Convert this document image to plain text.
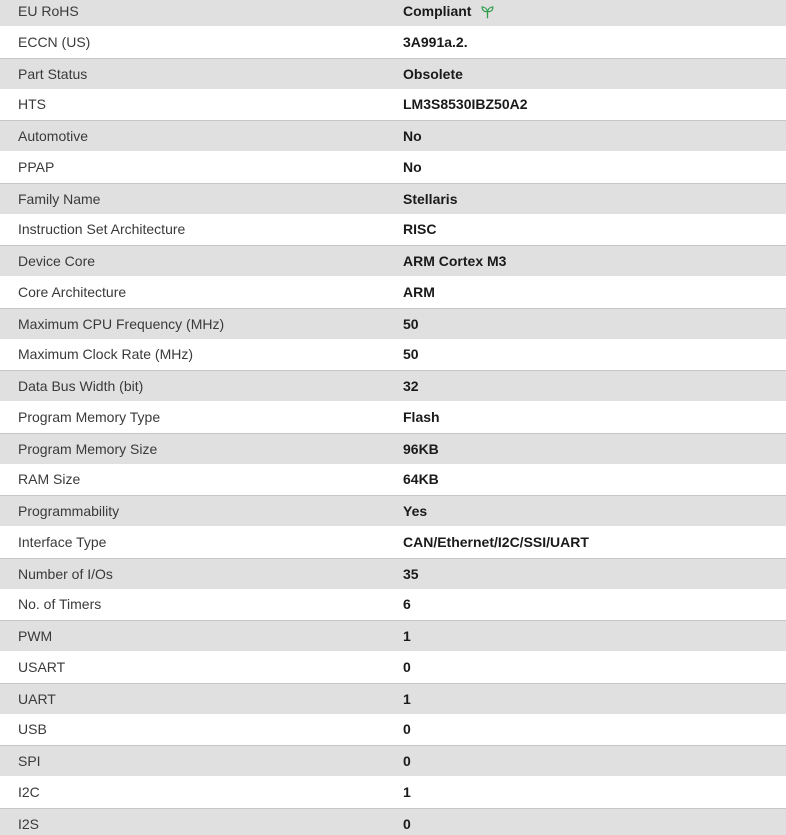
EU RoHS	Compliant
ECCN (US)	3A991a.2.
Part Status	Obsolete
HTS	LM3S8530IBZ50A2
Automotive	No
PPAP	No
Family Name	Stellaris
Instruction Set Architecture	RISC
Device Core	ARM Cortex M3
Core Architecture	ARM
Maximum CPU Frequency (MHz)	50
Maximum Clock Rate (MHz)	50
Data Bus Width (bit)	32
Program Memory Type	Flash
Program Memory Size	96KB
RAM Size	64KB
Programmability	Yes
Interface Type	CAN/Ethernet/I2C/SSI/UART
Number of I/Os	35
No. of Timers	6
PWM	1
USART	0
UART	1
USB	0
SPI	0
I2C	1
I2S	0
